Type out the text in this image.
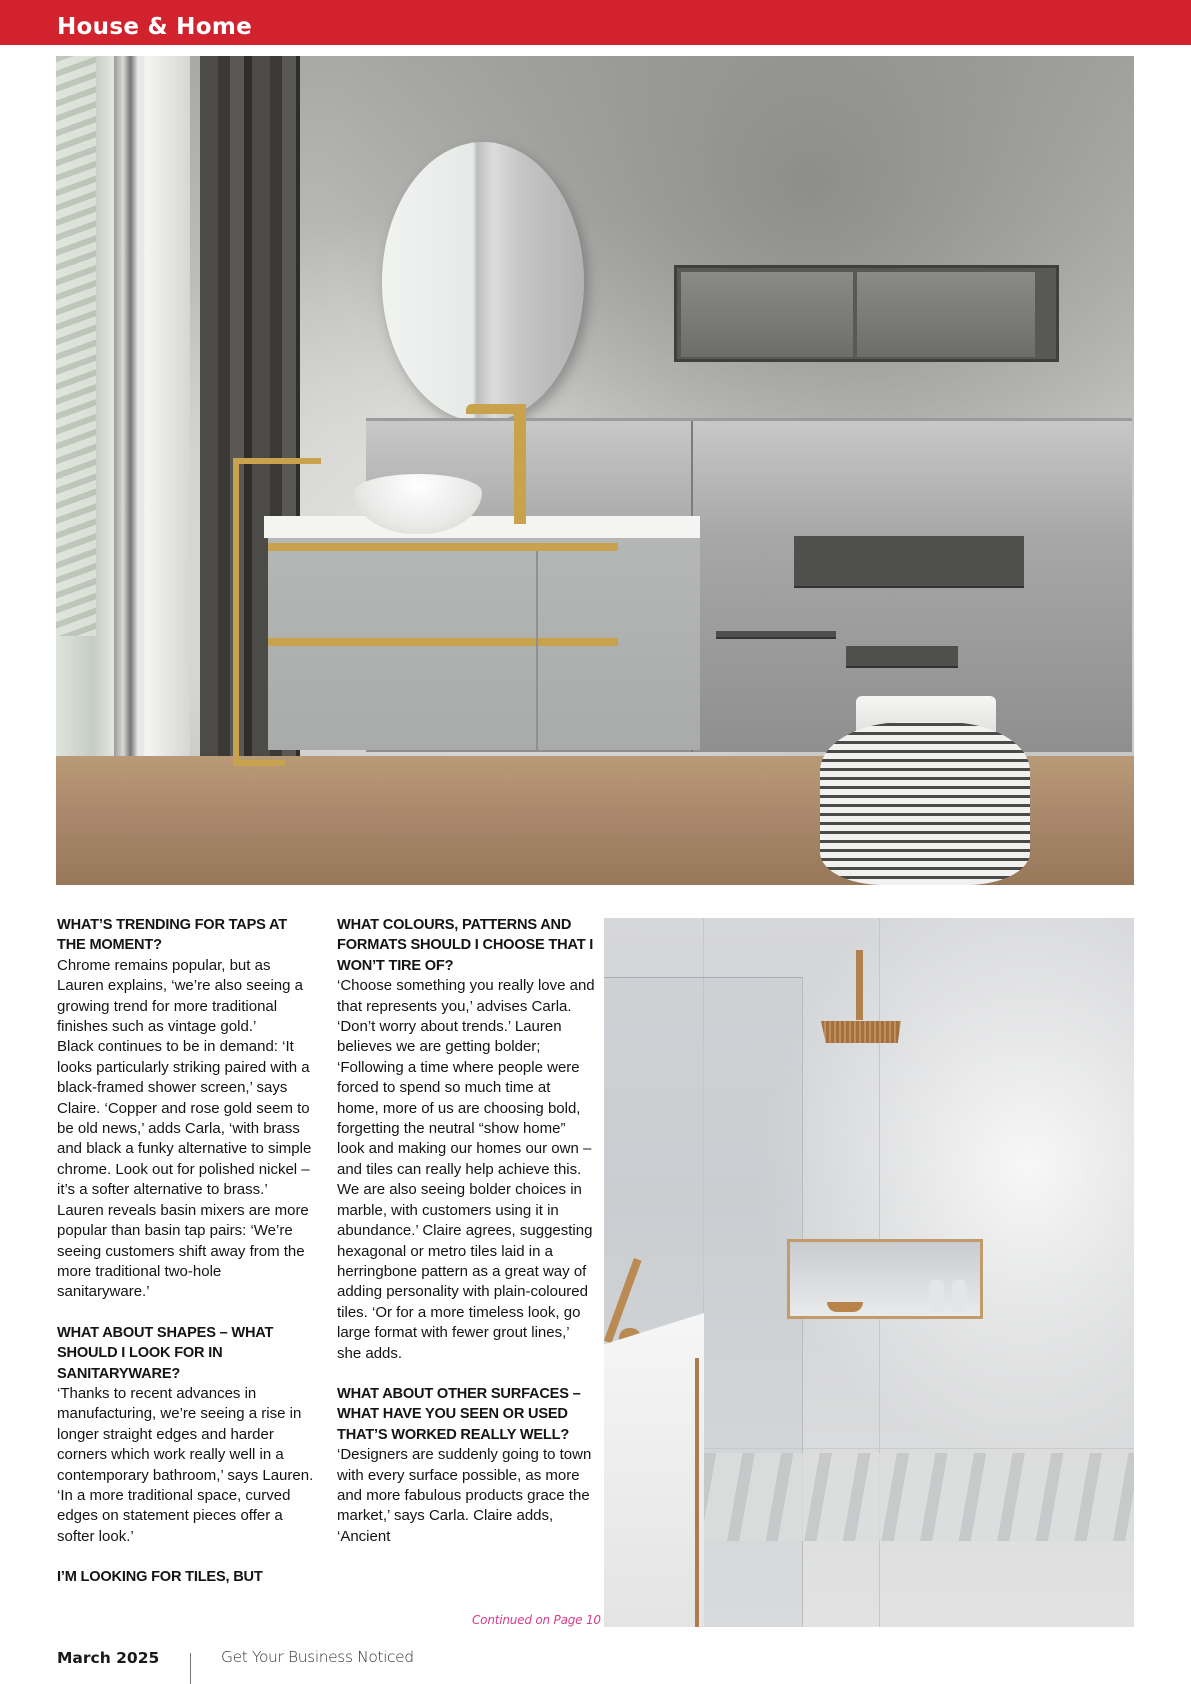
House & Home
WHAT’S TRENDING FOR TAPS AT THE MOMENT?

Chrome remains popular, but as Lauren explains, ‘we’re also seeing a growing trend for more traditional finishes such as vintage gold.’

Black continues to be in demand: ‘It looks particularly striking paired with a black-framed shower screen,’ says Claire. ‘Copper and rose gold seem to be old news,’ adds Carla, ‘with brass and black a funky alternative to simple chrome. Look out for polished nickel – it’s a softer alternative to brass.’ Lauren reveals basin mixers are more popular than basin tap pairs: ‘We’re seeing customers shift away from the more traditional two-hole sanitaryware.’

WHAT ABOUT SHAPES – WHAT SHOULD I LOOK FOR IN SANITARYWARE?

‘Thanks to recent advances in manufacturing, we’re seeing a rise in longer straight edges and harder corners which work really well in a contemporary bathroom,’ says Lauren. ‘In a more traditional space, curved edges on statement pieces offer a softer look.’

I’M LOOKING FOR TILES, BUT
WHAT COLOURS, PATTERNS AND FORMATS SHOULD I CHOOSE THAT I WON’T TIRE OF?

‘Choose something you really love and that represents you,’ advises Carla. ‘Don’t worry about trends.’ Lauren believes we are getting bolder; ‘Following a time where people were forced to spend so much time at home, more of us are choosing bold, forgetting the neutral “show home” look and making our homes our own – and tiles can really help achieve this. We are also seeing bolder choices in marble, with customers using it in abundance.’ Claire agrees, suggesting hexagonal or metro tiles laid in a herringbone pattern as a great way of adding personality with plain-coloured tiles. ‘Or for a more timeless look, go large format with fewer grout lines,’ she adds.

WHAT ABOUT OTHER SURFACES – WHAT HAVE YOU SEEN OR USED THAT’S WORKED REALLY WELL?

‘Designers are suddenly going to town with every surface possible, as more and more fabulous products grace the market,’ says Carla. Claire adds, ‘Ancient

Continued on Page 10
March 2025	Get Your Business Noticed
